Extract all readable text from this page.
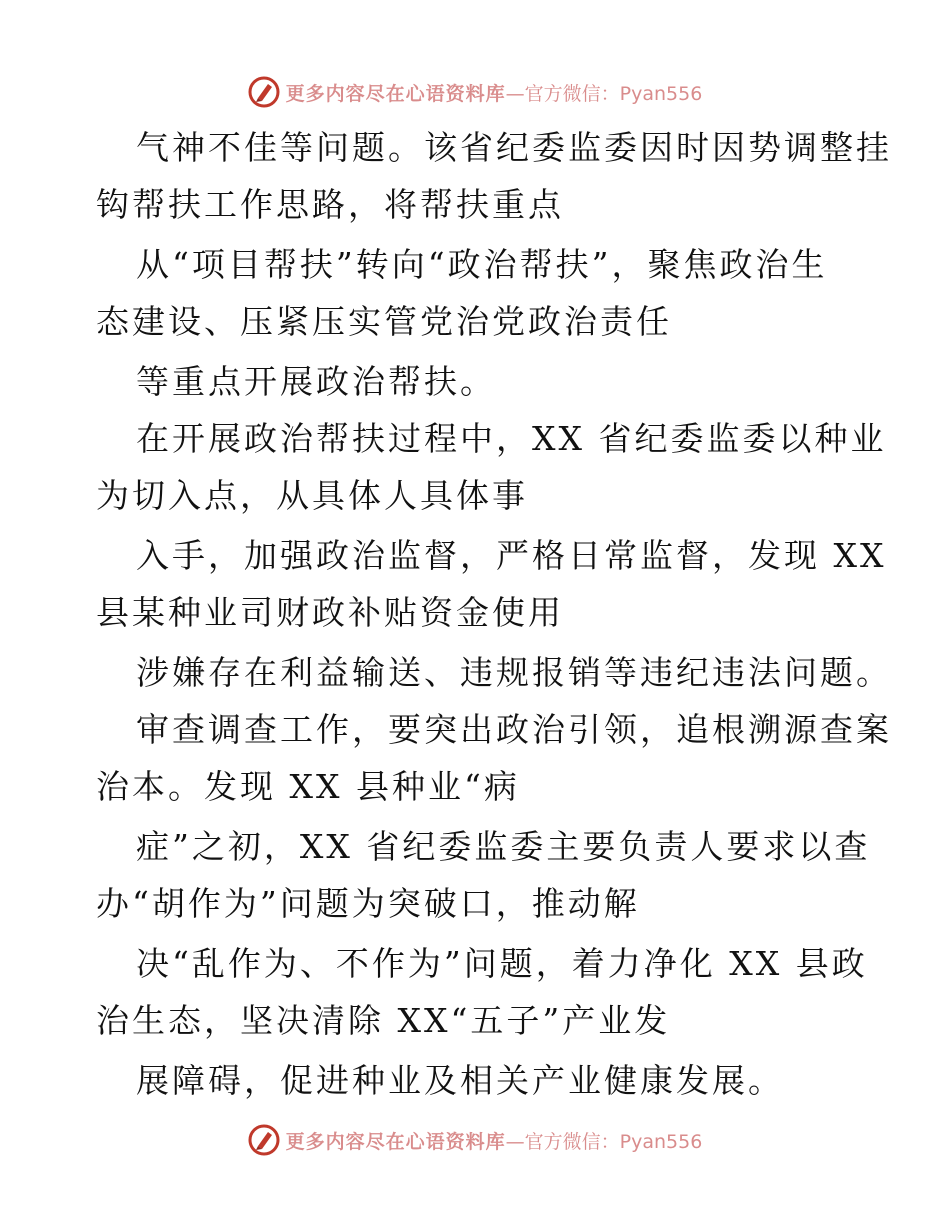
更多内容尽在心语资料库 —官方微信：Pyan556
气神不佳等问题。该省纪委监委因时因势调整挂
钩帮扶工作思路，将帮扶重点
从“项目帮扶”转向“政治帮扶”，聚焦政治生
态建设、压紧压实管党治党政治责任
等重点开展政治帮扶。
在开展政治帮扶过程中，XX 省纪委监委以种业
为切入点，从具体人具体事
入手，加强政治监督，严格日常监督，发现 XX
县某种业司财政补贴资金使用
涉嫌存在利益输送、违规报销等违纪违法问题。
审查调查工作，要突出政治引领，追根溯源查案
治本。发现 XX 县种业“病
症”之初，XX 省纪委监委主要负责人要求以查
办“胡作为”问题为突破口，推动解
决“乱作为、不作为”问题，着力净化 XX 县政
治生态，坚决清除 XX“五子”产业发
展障碍，促进种业及相关产业健康发展。
更多内容尽在心语资料库 —官方微信：Pyan556
